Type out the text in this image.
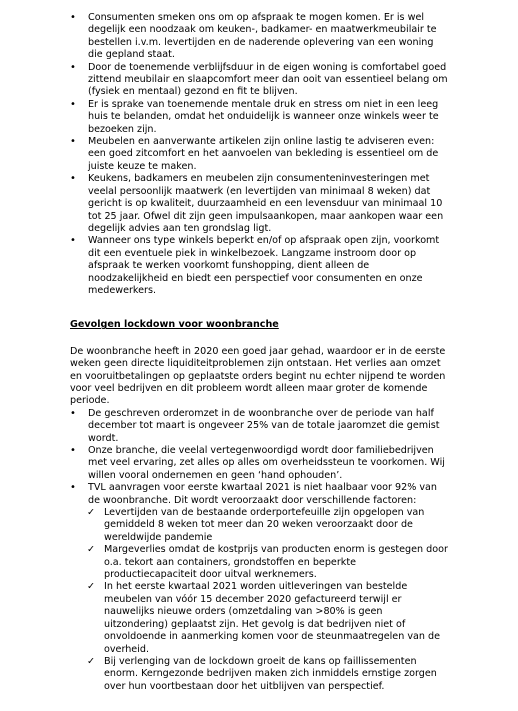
•	Consumenten smeken ons om op afspraak te mogen komen. Er is wel degelijk een noodzaak om keuken-, badkamer- en maatwerkmeubilair te bestellen i.v.m. levertijden en de naderende oplevering van een woning die gepland staat.
•	Door de toenemende verblijfsduur in de eigen woning is comfortabel goed zittend meubilair en slaapcomfort meer dan ooit van essentieel belang om (fysiek en mentaal) gezond en fit te blijven.
•	Er is sprake van toenemende mentale druk en stress om niet in een leeg huis te belanden, omdat het onduidelijk is wanneer onze winkels weer te bezoeken zijn.
•	Meubelen en aanverwante artikelen zijn online lastig te adviseren even: een goed zitcomfort en het aanvoelen van bekleding is essentieel om de juiste keuze te maken.
•	Keukens, badkamers en meubelen zijn consumenteninvesteringen met veelal persoonlijk maatwerk (en levertijden van minimaal 8 weken) dat gericht is op kwaliteit, duurzaamheid en een levensduur van minimaal 10 tot 25 jaar. Ofwel dit zijn geen impulsaankopen, maar aankopen waar een degelijk advies aan ten grondslag ligt.
•	Wanneer ons type winkels beperkt en/of op afspraak open zijn, voorkomt dit een eventuele piek in winkelbezoek. Langzame instroom door op afspraak te werken voorkomt funshopping, dient alleen de noodzakelijkheid en biedt een perspectief voor consumenten en onze medewerkers.
Gevolgen lockdown voor woonbranche

De woonbranche heeft in 2020 een goed jaar gehad, waardoor er in de eerste weken geen directe liquiditeitproblemen zijn ontstaan. Het verlies aan omzet en vooruitbetalingen op geplaatste orders begint nu echter nijpend te worden voor veel bedrijven en dit probleem wordt alleen maar groter de komende periode.

•	De geschreven orderomzet in de woonbranche over de periode van half december tot maart is ongeveer 25% van de totale jaaromzet die gemist wordt.
•	Onze branche, die veelal vertegenwoordigd wordt door familiebedrijven met veel ervaring, zet alles op alles om overheidssteun te voorkomen. Wij willen vooral ondernemen en geen ‘hand ophouden’.
•	TVL aanvragen voor eerste kwartaal 2021 is niet haalbaar voor 92% van de woonbranche. Dit wordt veroorzaakt door verschillende factoren:
✓ Levertijden van de bestaande orderportefeuille zijn opgelopen van gemiddeld 8 weken tot meer dan 20 weken veroorzaakt door de wereldwijde pandemie
✓ Margeverlies omdat de kostprijs van producten enorm is gestegen door o.a. tekort aan containers, grondstoffen en beperkte productiecapaciteit door uitval werknemers.
✓ In het eerste kwartaal 2021 worden uitleveringen van bestelde meubelen van vóór 15 december 2020 gefactureerd terwijl er nauwelijks nieuwe orders (omzetdaling van >80% is geen uitzondering) geplaatst zijn. Het gevolg is dat bedrijven niet of onvoldoende in aanmerking komen voor de steunmaatregelen van de overheid.
✓ Bij verlenging van de lockdown groeit de kans op faillissementen enorm. Kerngezonde bedrijven maken zich inmiddels ernstige zorgen over hun voortbestaan door het uitblijven van perspectief.
